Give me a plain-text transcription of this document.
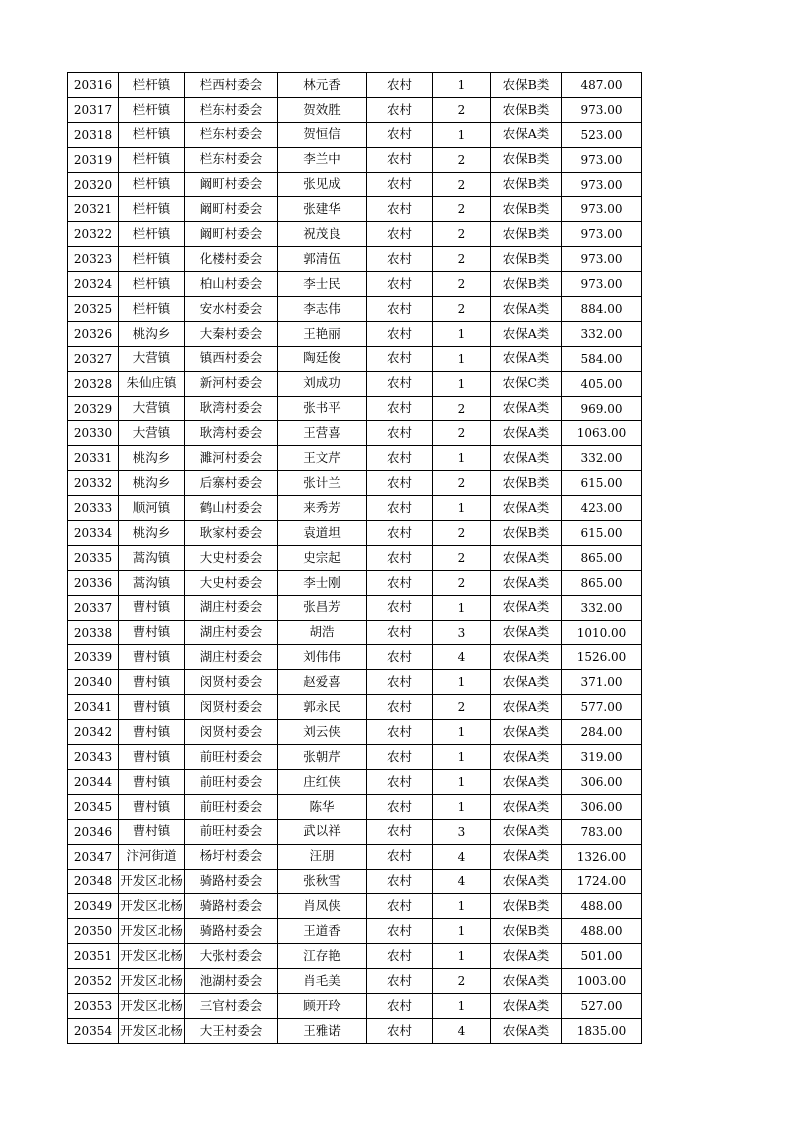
20316	栏杆镇	栏西村委会	林元香	农村	1	农保B类	487.00
20317	栏杆镇	栏东村委会	贺效胜	农村	2	农保B类	973.00
20318	栏杆镇	栏东村委会	贺恒信	农村	1	农保A类	523.00
20319	栏杆镇	栏东村委会	李兰中	农村	2	农保B类	973.00
20320	栏杆镇	阚町村委会	张见成	农村	2	农保B类	973.00
20321	栏杆镇	阚町村委会	张建华	农村	2	农保B类	973.00
20322	栏杆镇	阚町村委会	祝茂良	农村	2	农保B类	973.00
20323	栏杆镇	化楼村委会	郭清伍	农村	2	农保B类	973.00
20324	栏杆镇	柏山村委会	李士民	农村	2	农保B类	973.00
20325	栏杆镇	安水村委会	李志伟	农村	2	农保A类	884.00
20326	桃沟乡	大秦村委会	王艳丽	农村	1	农保A类	332.00
20327	大营镇	镇西村委会	陶廷俊	农村	1	农保A类	584.00
20328	朱仙庄镇	新河村委会	刘成功	农村	1	农保C类	405.00
20329	大营镇	耿湾村委会	张书平	农村	2	农保A类	969.00
20330	大营镇	耿湾村委会	王营喜	农村	2	农保A类	1063.00
20331	桃沟乡	濉河村委会	王文芹	农村	1	农保A类	332.00
20332	桃沟乡	后寨村委会	张计兰	农村	2	农保B类	615.00
20333	顺河镇	鹤山村委会	来秀芳	农村	1	农保A类	423.00
20334	桃沟乡	耿家村委会	袁道坦	农村	2	农保B类	615.00
20335	蒿沟镇	大史村委会	史宗起	农村	2	农保A类	865.00
20336	蒿沟镇	大史村委会	李士刚	农村	2	农保A类	865.00
20337	曹村镇	湖庄村委会	张昌芳	农村	1	农保A类	332.00
20338	曹村镇	湖庄村委会	胡浩	农村	3	农保A类	1010.00
20339	曹村镇	湖庄村委会	刘伟伟	农村	4	农保A类	1526.00
20340	曹村镇	闵贤村委会	赵爱喜	农村	1	农保A类	371.00
20341	曹村镇	闵贤村委会	郭永民	农村	2	农保A类	577.00
20342	曹村镇	闵贤村委会	刘云侠	农村	1	农保A类	284.00
20343	曹村镇	前旺村委会	张朝芹	农村	1	农保A类	319.00
20344	曹村镇	前旺村委会	庄红侠	农村	1	农保A类	306.00
20345	曹村镇	前旺村委会	陈华	农村	1	农保A类	306.00
20346	曹村镇	前旺村委会	武以祥	农村	3	农保A类	783.00
20347	汴河街道	杨圩村委会	汪朋	农村	4	农保A类	1326.00
20348	开发区北杨	骑路村委会	张秋雪	农村	4	农保A类	1724.00
20349	开发区北杨	骑路村委会	肖凤侠	农村	1	农保B类	488.00
20350	开发区北杨	骑路村委会	王道香	农村	1	农保B类	488.00
20351	开发区北杨	大张村委会	江存艳	农村	1	农保A类	501.00
20352	开发区北杨	池湖村委会	肖毛美	农村	2	农保A类	1003.00
20353	开发区北杨	三官村委会	顾开玲	农村	1	农保A类	527.00
20354	开发区北杨	大王村委会	王雅诺	农村	4	农保A类	1835.00
